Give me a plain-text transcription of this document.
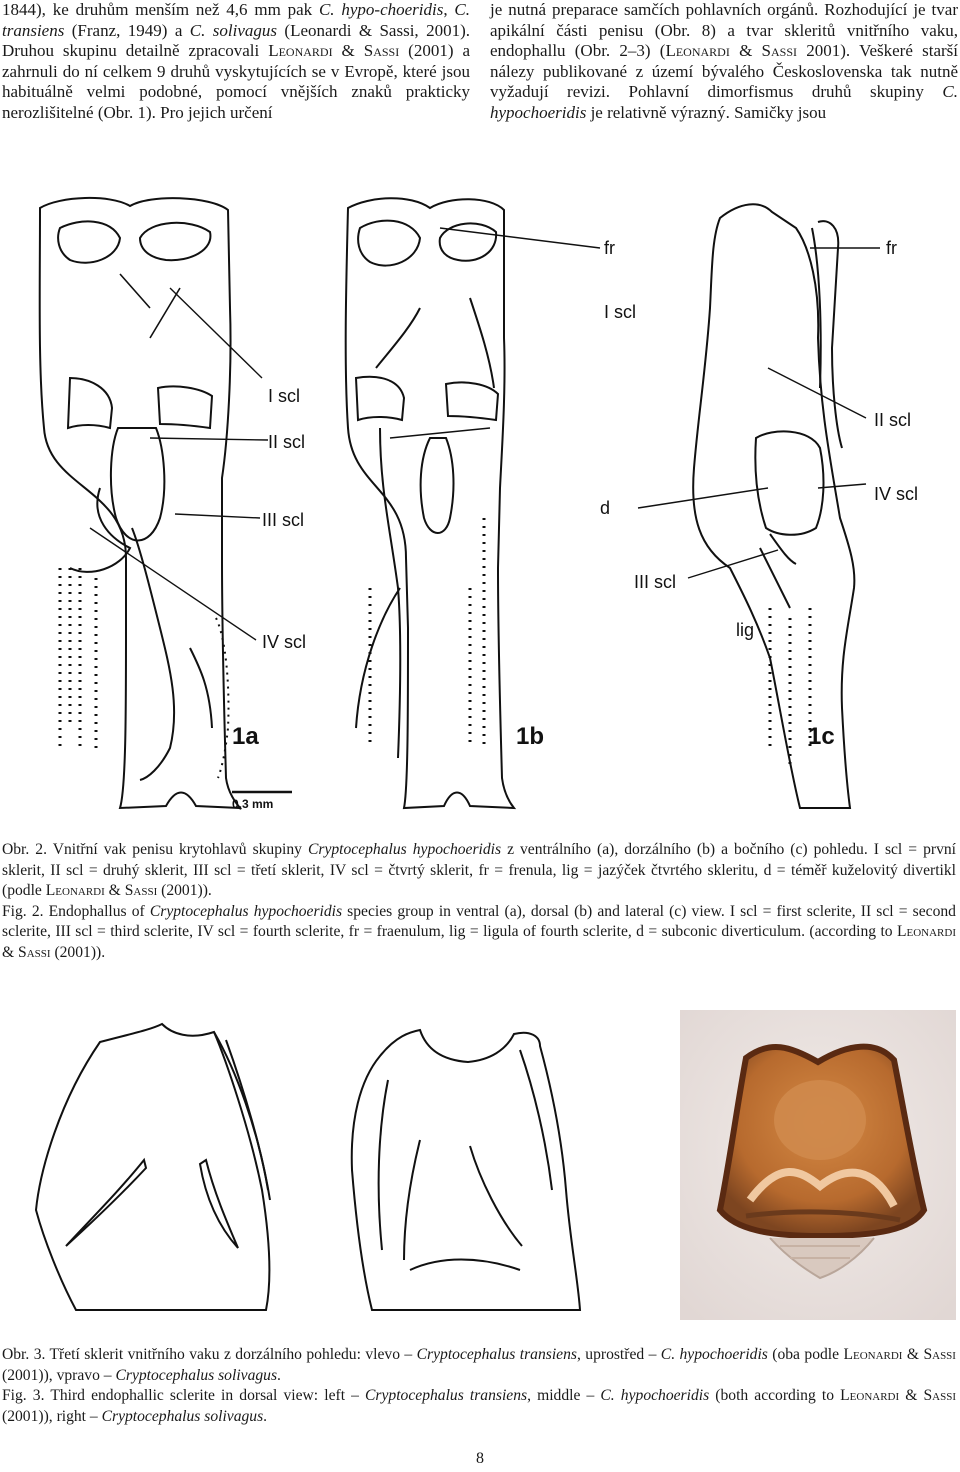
1844), ke druhům menším než 4,6 mm pak C. hypo-choeridis, C. transiens (Franz, 1949) a C. solivagus (Leonardi & Sassi, 2001). Druhou skupinu detailně zpracovali Leonardi & Sassi (2001) a zahrnuli do ní celkem 9 druhů vyskytujících se v Evropě, které jsou habituálně velmi podobné, pomocí vnějších znaků prakticky nerozlišitelné (Obr. 1). Pro jejich určení

je nutná preparace samčích pohlavních orgánů. Rozhodující je tvar apikální části penisu (Obr. 8) a tvar skleritů vnitřního vaku, endophallu (Obr. 2–3) (Leonardi & Sassi 2001). Veškeré starší nálezy publikované z území bývalého Československa tak nutně vyžadují revizi. Pohlavní dimorfismus druhů skupiny C. hypochoeridis je relativně výrazný. Samičky jsou

I scl
II scl
III scl
IV scl
1a
0,3 mm
fr
I scl
1b
fr
II scl
IV scl
d
III scl
lig
1c

Obr. 2. Vnitřní vak penisu krytohlavů skupiny Cryptocephalus hypochoeridis z ventrálního (a), dorzálního (b) a bočního (c) pohledu. I scl = první sklerit, II scl = druhý sklerit, III scl = třetí sklerit, IV scl = čtvrtý sklerit, fr = frenula, lig = jazýček čtvrtého skleritu, d = téměř kuželovitý divertikl (podle Leonardi & Sassi (2001)).

Fig. 2. Endophallus of Cryptocephalus hypochoeridis species group in ventral (a), dorsal (b) and lateral (c) view. I scl = first sclerite, II scl = second sclerite, III scl = third sclerite, IV scl = fourth sclerite, fr = fraenulum, lig = ligula of fourth sclerite, d = subconic diverticulum. (according to Leonardi & Sassi (2001)).

Obr. 3. Třetí sklerit vnitřního vaku z dorzálního pohledu: vlevo – Cryptocephalus transiens, uprostřed – C. hypochoeridis (oba podle Leonardi & Sassi (2001)), vpravo – Cryptocephalus solivagus.

Fig. 3. Third endophallic sclerite in dorsal view: left – Cryptocephalus transiens, middle – C. hypochoeridis (both according to Leonardi & Sassi (2001)), right – Cryptocephalus solivagus.

8
